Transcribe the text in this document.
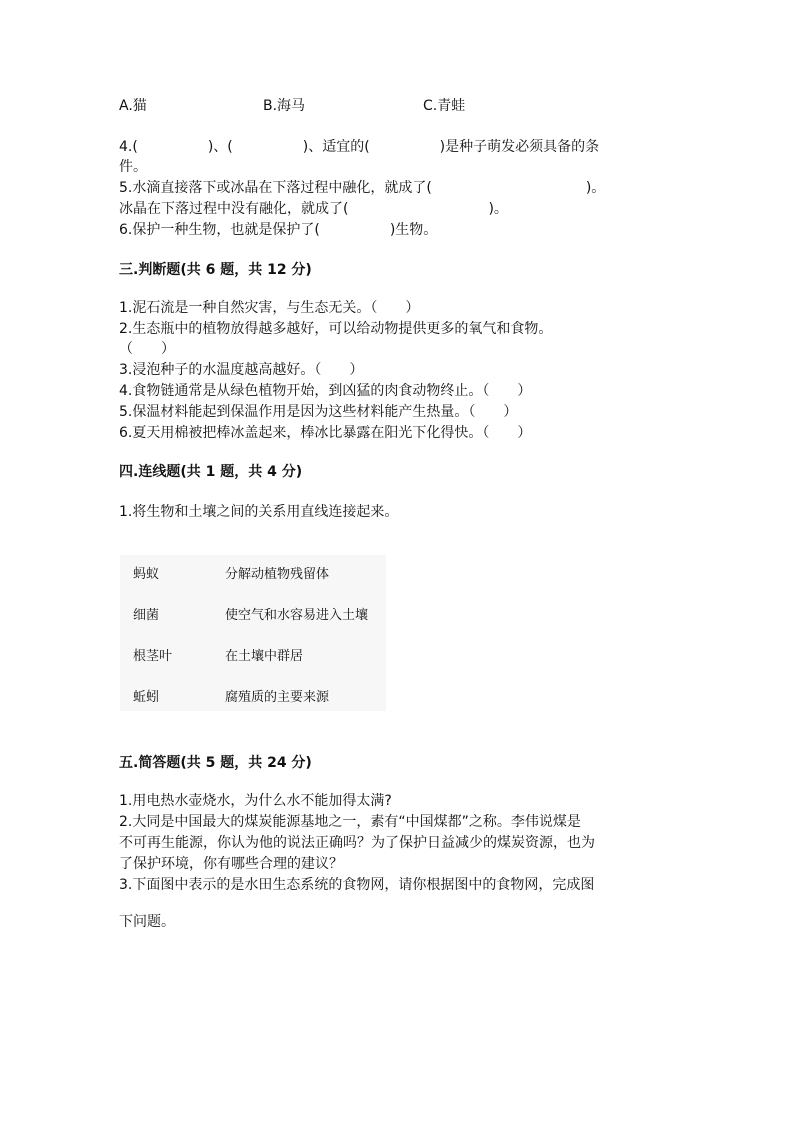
A.猫	B.海马	C.青蛙
4.(　　　　　)、(　　　　　)、适宜的(　　　　　)是种子萌发必须具备的条
件。
5.水滴直接落下或冰晶在下落过程中融化，就成了(　　　　　　　　　　　)。
冰晶在下落过程中没有融化，就成了(　　　　　　　　　　)。
6.保护一种生物，也就是保护了(　　　　　)生物。
三.判断题(共 6 题，共 12 分)
1.泥石流是一种自然灾害，与生态无关。（　　）
2.生态瓶中的植物放得越多越好，可以给动物提供更多的氧气和食物。
（　　）
3.浸泡种子的水温度越高越好。（　　）
4.食物链通常是从绿色植物开始，到凶猛的肉食动物终止。（　　）
5.保温材料能起到保温作用是因为这些材料能产生热量。（　　）
6.夏天用棉被把棒冰盖起来，棒冰比暴露在阳光下化得快。（　　）
四.连线题(共 1 题，共 4 分)
1.将生物和土壤之间的关系用直线连接起来。
蚂蚁	分解动植物残留体
细菌	使空气和水容易进入土壤
根茎叶	在土壤中群居
蚯蚓	腐殖质的主要来源
五.简答题(共 5 题，共 24 分)
1.用电热水壶烧水，为什么水不能加得太满?
2.大同是中国最大的煤炭能源基地之一，素有“中国煤都”之称。李伟说煤是
不可再生能源，你认为他的说法正确吗？为了保护日益减少的煤炭资源，也为
了保护环境，你有哪些合理的建议？
3.下面图中表示的是水田生态系统的食物网，请你根据图中的食物网，完成图
下问题。
